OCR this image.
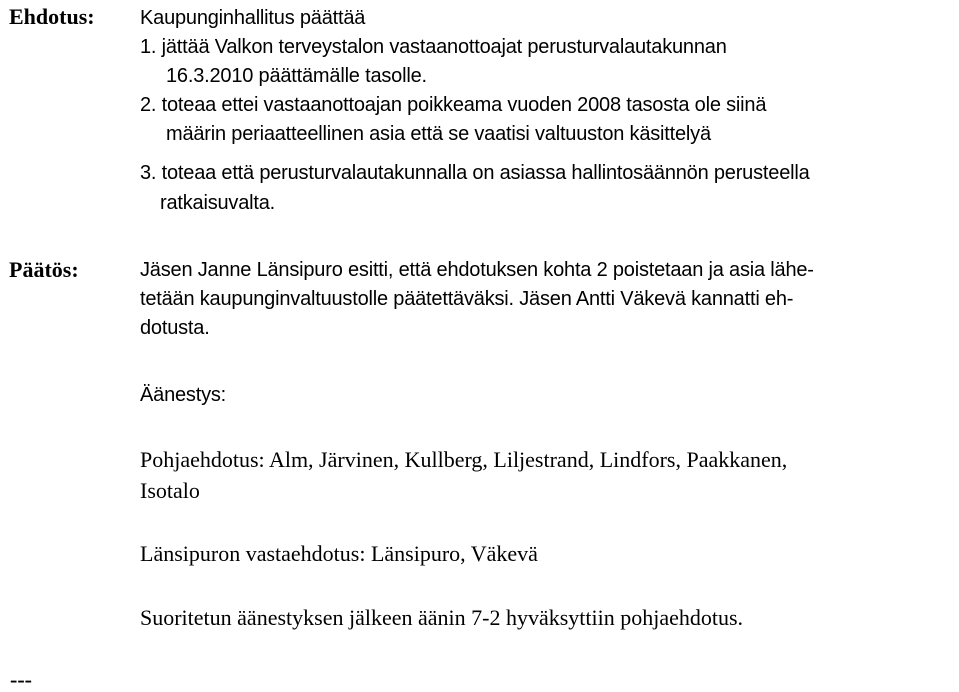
Ehdotus: Kaupunginhallitus päättää
1. jättää Valkon terveystalon vastaanottoajat perusturvalautakunnan
16.3.2010 päättämälle tasolle.
2. toteaa ettei vastaanottoajan poikkeama vuoden 2008 tasosta ole siinä
määrin periaatteellinen asia että se vaatisi valtuuston käsittelyä
3. toteaa että perusturvalautakunnalla on asiassa hallintosäännön perusteella
ratkaisuvalta.
Päätös:	Jäsen Janne Länsipuro esitti, että ehdotuksen kohta 2 poistetaan ja asia lähe-
tetään kaupunginvaltuustolle päätettäväksi. Jäsen Antti Väkevä kannatti eh-
dotusta.
Äänestys:
Pohjaehdotus: Alm, Järvinen, Kullberg, Liljestrand, Lindfors, Paakkanen,
Isotalo
Länsipuron vastaehdotus: Länsipuro, Väkevä
Suoritetun äänestyksen jälkeen äänin 7-2 hyväksyttiin pohjaehdotus.
---
